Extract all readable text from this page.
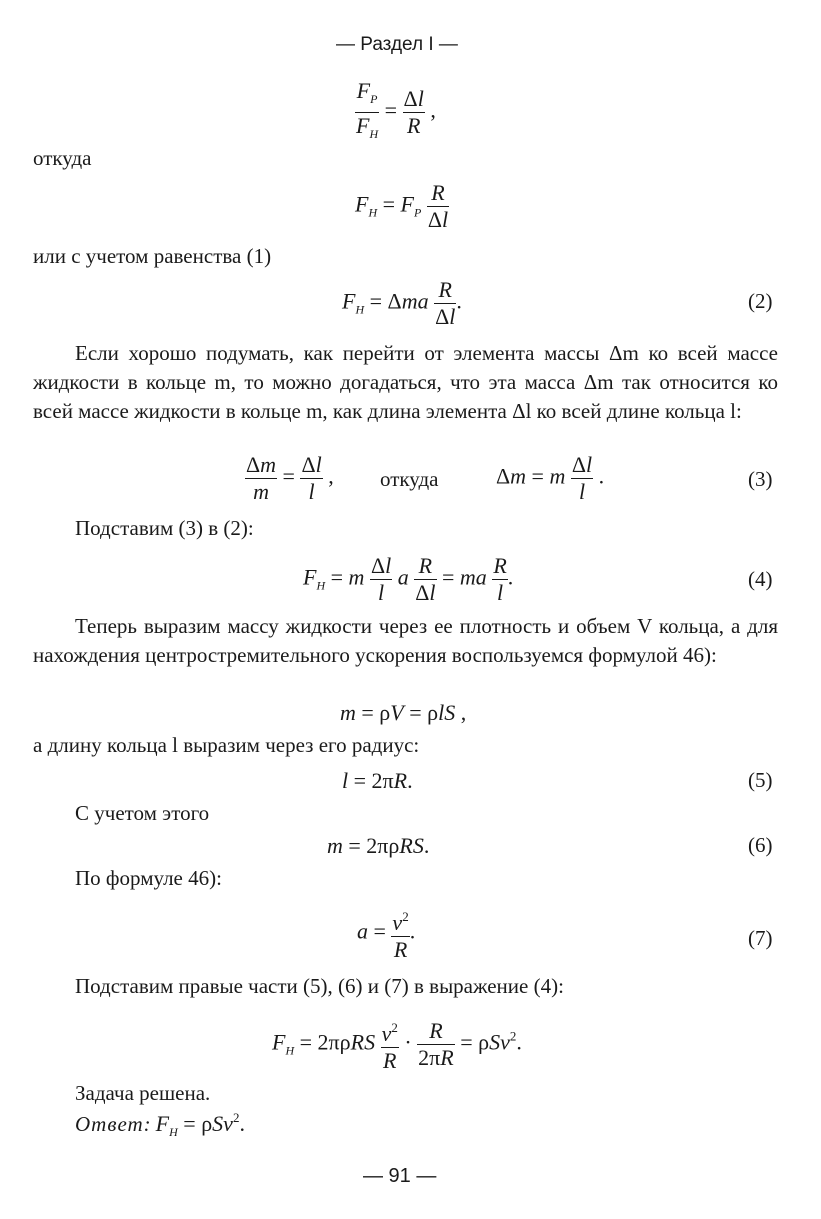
— Раздел I —
$\frac{F_P}{F_H} = \frac{\Delta l}{R}$ ,
откуда
$F_H = F_P \frac{R}{\Delta l}$
или с учетом равенства (1)
$F_H = \Delta ma \frac{R}{\Delta l}$ .	(2)
Если хорошо подумать, как перейти от элемента массы Δm ко всей массе жидкости в кольце m, то можно догадаться, что эта масса Δm так относится ко всей массе жидкости в кольце m, как длина элемента Δl ко всей длине кольца l:
$\frac{\Delta m}{m} = \frac{\Delta l}{l}$ , откуда	Δm = m $\frac{\Delta l}{l}$ .	(3)
Подставим (3) в (2):
$F_H = m \frac{\Delta l}{l}$ a $\frac{R}{\Delta l}$ = ma $\frac{R}{l}$ .	(4)
Теперь выразим массу жидкости через ее плотность и объем V кольца, а для нахождения центростремительного ускорения воспользуемся формулой 46):
m = ρV = ρlS ,
а длину кольца l выразим через его радиус:
l = 2πR.	(5)
С учетом этого
m = 2πρRS.	(6)
По формуле 46):
$a = \frac{v^2}{R}$ .	(7)
Подставим правые части (5), (6) и (7) в выражение (4):
$F_H = 2\pi\rho RS \frac{v^2}{R} \cdot \frac{R}{2\pi R} = \rho Sv^2$.
Задача решена.
Ответ: $F_H = \rho Sv^2$.
— 91 —
